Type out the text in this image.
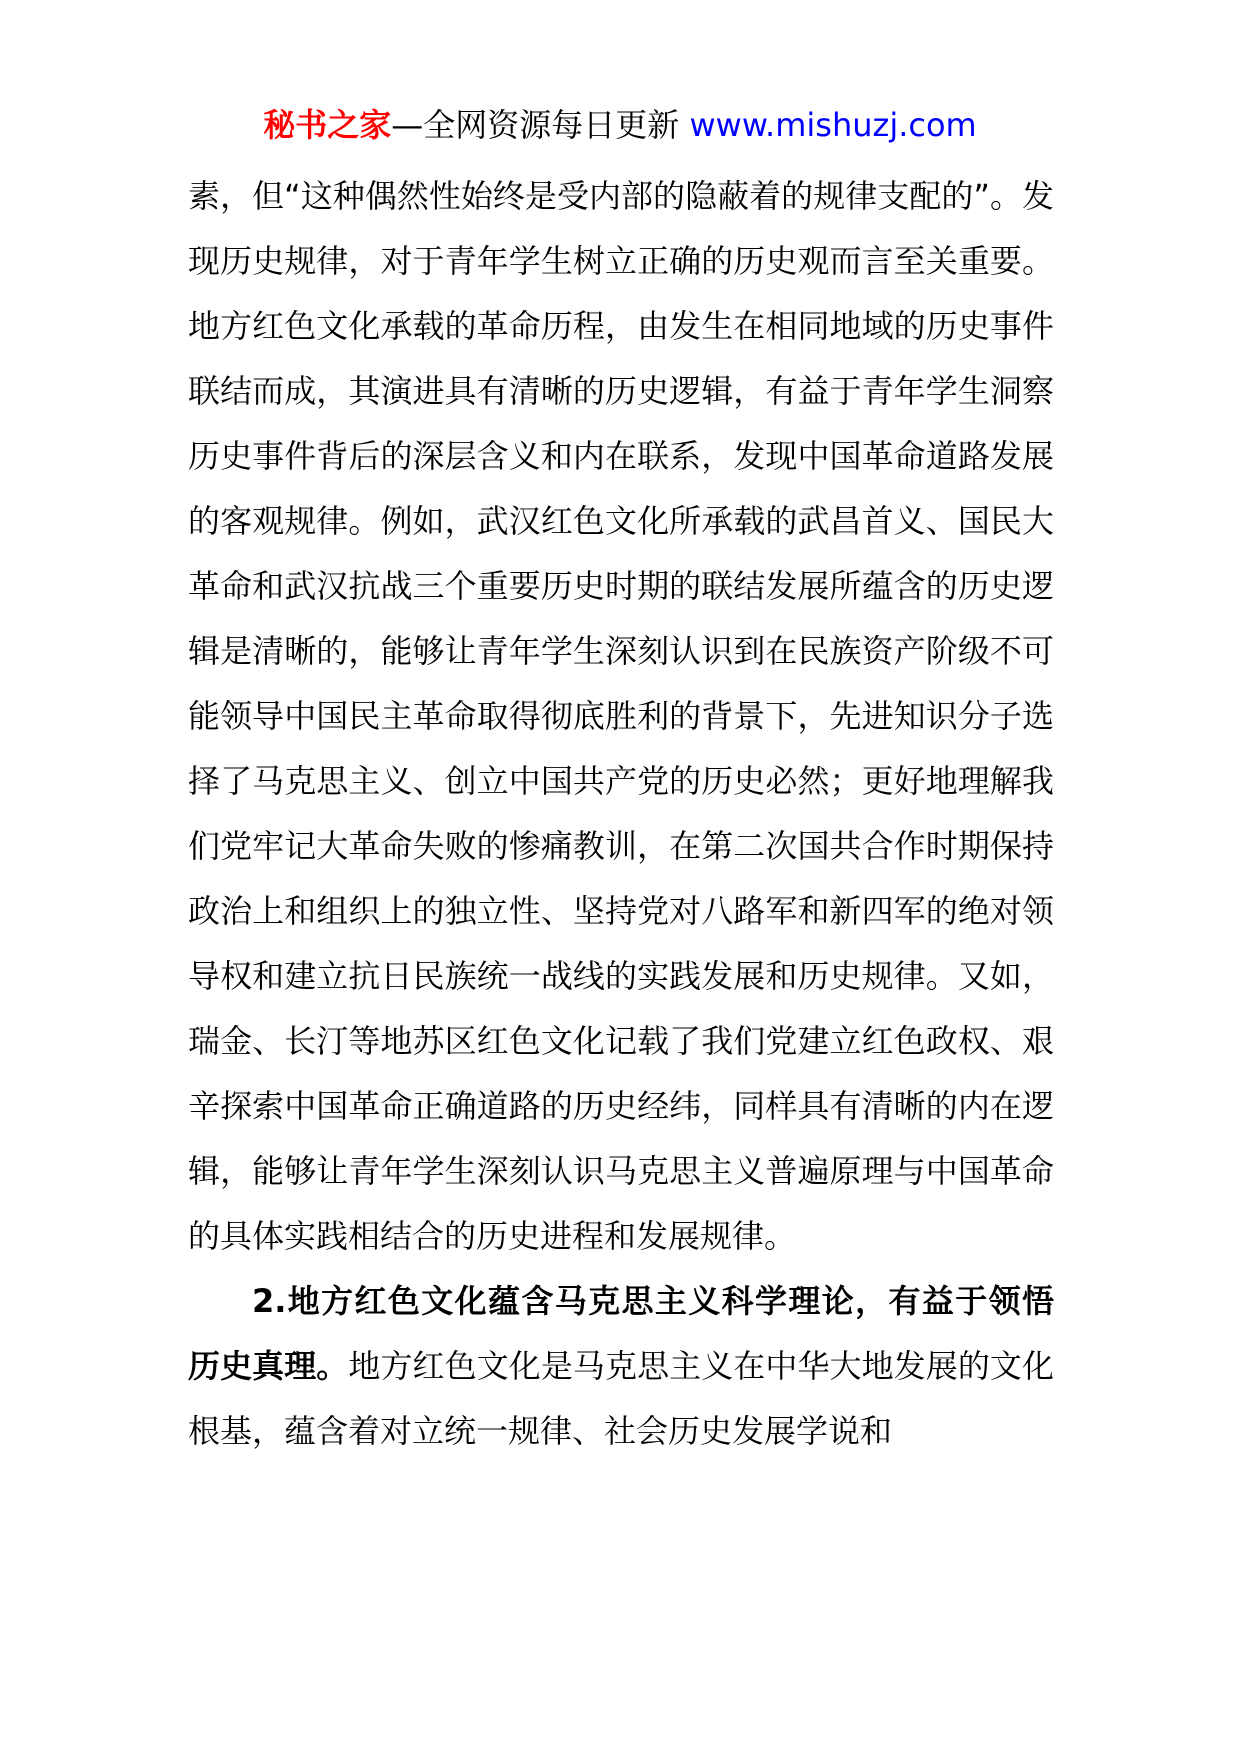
秘书之家—全网资源每日更新 www.mishuzj.com

素，但“这种偶然性始终是受内部的隐蔽着的规律支配的”。发现历史规律，对于青年学生树立正确的历史观而言至关重要。地方红色文化承载的革命历程，由发生在相同地域的历史事件联结而成，其演进具有清晰的历史逻辑，有益于青年学生洞察历史事件背后的深层含义和内在联系，发现中国革命道路发展的客观规律。例如，武汉红色文化所承载的武昌首义、国民大革命和武汉抗战三个重要历史时期的联结发展所蕴含的历史逻辑是清晰的，能够让青年学生深刻认识到在民族资产阶级不可能领导中国民主革命取得彻底胜利的背景下，先进知识分子选择了马克思主义、创立中国共产党的历史必然；更好地理解我们党牢记大革命失败的惨痛教训，在第二次国共合作时期保持政治上和组织上的独立性、坚持党对八路军和新四军的绝对领导权和建立抗日民族统一战线的实践发展和历史规律。又如，瑞金、长汀等地苏区红色文化记载了我们党建立红色政权、艰辛探索中国革命正确道路的历史经纬，同样具有清晰的内在逻辑，能够让青年学生深刻认识马克思主义普遍原理与中国革命的具体实践相结合的历史进程和发展规律。

2.地方红色文化蕴含马克思主义科学理论，有益于领悟历史真理。地方红色文化是马克思主义在中华大地发展的文化根基，蕴含着对立统一规律、社会历史发展学说和
